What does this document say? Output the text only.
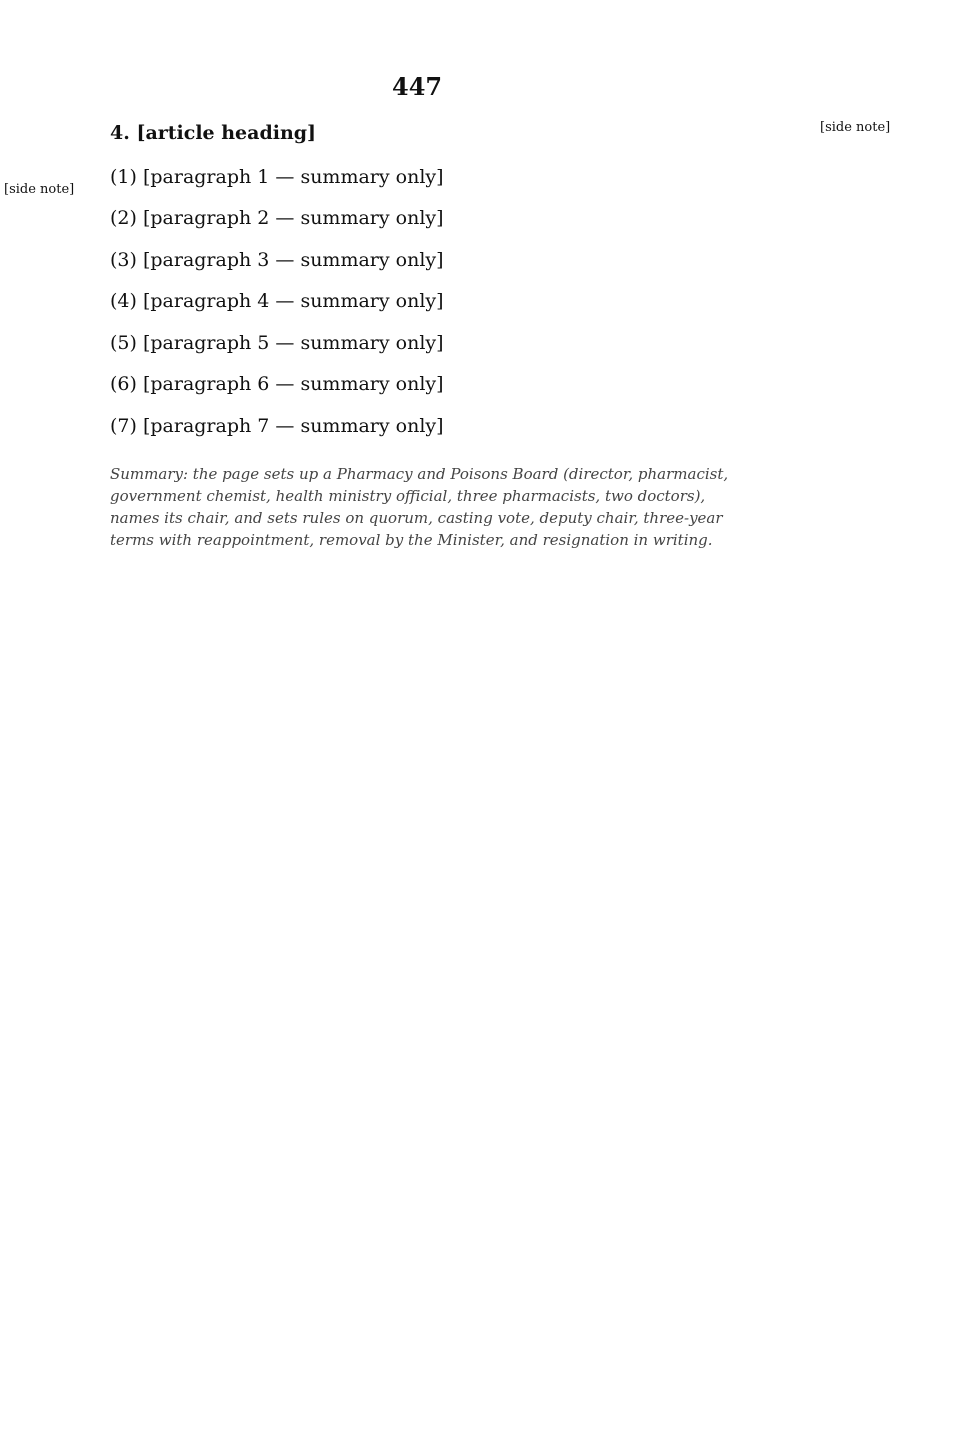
447
[side note]
[side note]
4. [article heading]

(1) [paragraph 1 — summary only]

(2) [paragraph 2 — summary only]

(3) [paragraph 3 — summary only]

(4) [paragraph 4 — summary only]

(5) [paragraph 5 — summary only]

(6) [paragraph 6 — summary only]

(7) [paragraph 7 — summary only]

Summary: the page sets up a Pharmacy and Poisons Board (director, pharmacist, government chemist, health ministry official, three pharmacists, two doctors), names its chair, and sets rules on quorum, casting vote, deputy chair, three-year terms with reappointment, removal by the Minister, and resignation in writing.
